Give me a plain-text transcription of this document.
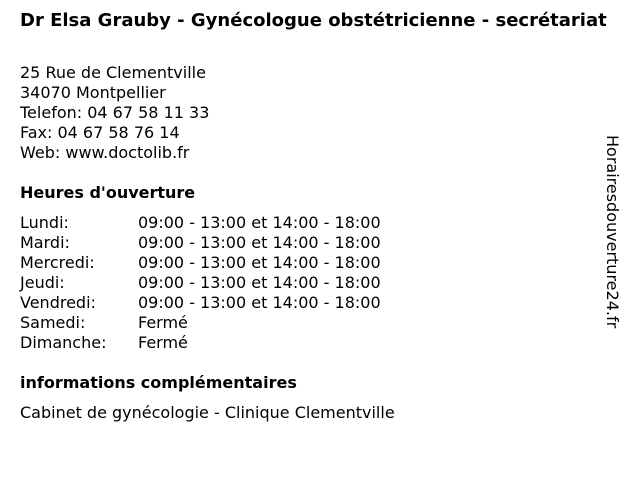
Dr Elsa Grauby - Gynécologue obstétricienne - secrétariat
25 Rue de Clementville
34070 Montpellier
Telefon: 04 67 58 11 33
Fax: 04 67 58 76 14
Web: www.doctolib.fr
Heures d'ouverture
Lundi:	09:00 - 13:00 et 14:00 - 18:00
Mardi:	09:00 - 13:00 et 14:00 - 18:00
Mercredi:	09:00 - 13:00 et 14:00 - 18:00
Jeudi:	09:00 - 13:00 et 14:00 - 18:00
Vendredi:	09:00 - 13:00 et 14:00 - 18:00
Samedi:	Fermé
Dimanche:	Fermé
informations complémentaires
Cabinet de gynécologie - Clinique Clementville
Horairesdouverture24.fr
